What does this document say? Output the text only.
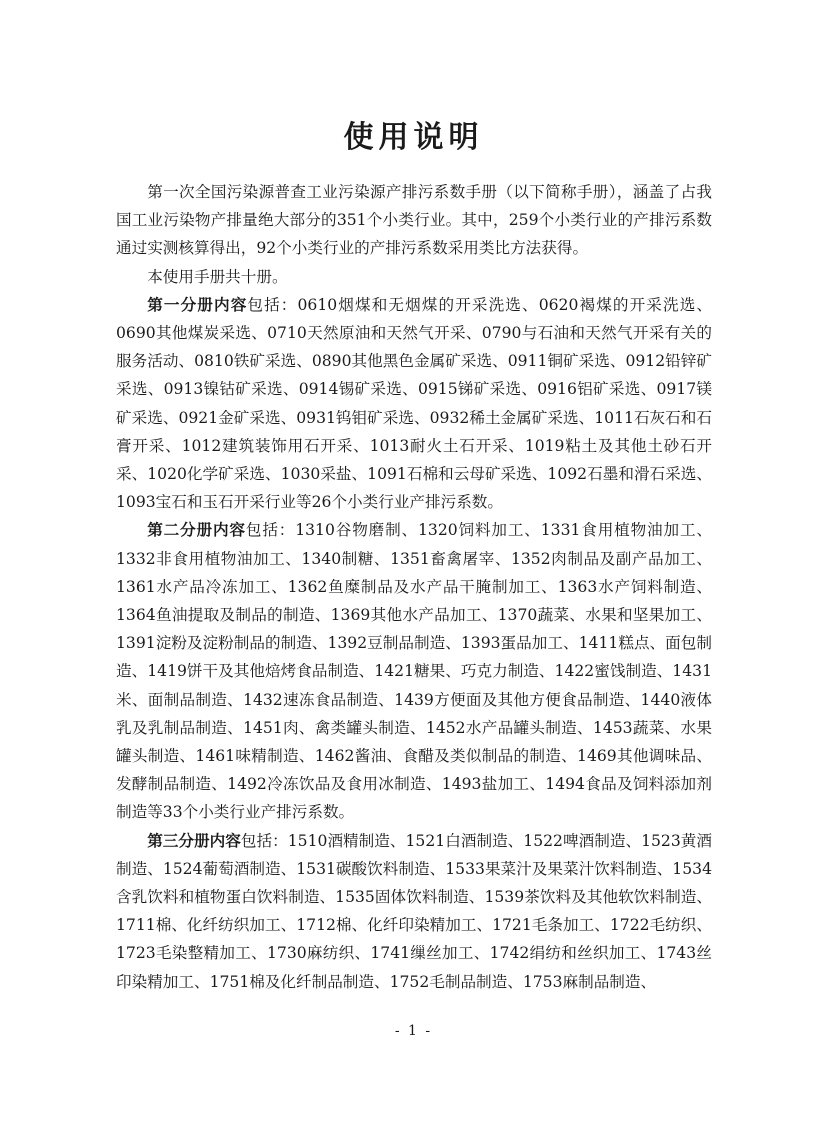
使用说明

第一次全国污染源普查工业污染源产排污系数手册（以下简称手册），涵盖了占我国工业污染物产排量绝大部分的351个小类行业。其中，259个小类行业的产排污系数通过实测核算得出，92个小类行业的产排污系数采用类比方法获得。

本使用手册共十册。

第一分册内容包括：0610烟煤和无烟煤的开采洗选、0620褐煤的开采洗选、0690其他煤炭采选、0710天然原油和天然气开采、0790与石油和天然气开采有关的服务活动、0810铁矿采选、0890其他黑色金属矿采选、0911铜矿采选、0912铅锌矿采选、0913镍钴矿采选、0914锡矿采选、0915锑矿采选、0916铝矿采选、0917镁矿采选、0921金矿采选、0931钨钼矿采选、0932稀土金属矿采选、1011石灰石和石膏开采、1012建筑装饰用石开采、1013耐火土石开采、1019粘土及其他土砂石开采、1020化学矿采选、1030采盐、1091石棉和云母矿采选、1092石墨和滑石采选、1093宝石和玉石开采行业等26个小类行业产排污系数。

第二分册内容包括：1310谷物磨制、1320饲料加工、1331食用植物油加工、1332非食用植物油加工、1340制糖、1351畜禽屠宰、1352肉制品及副产品加工、1361水产品冷冻加工、1362鱼糜制品及水产品干腌制加工、1363水产饲料制造、1364鱼油提取及制品的制造、1369其他水产品加工、1370蔬菜、水果和坚果加工、1391淀粉及淀粉制品的制造、1392豆制品制造、1393蛋品加工、1411糕点、面包制造、1419饼干及其他焙烤食品制造、1421糖果、巧克力制造、1422蜜饯制造、1431米、面制品制造、1432速冻食品制造、1439方便面及其他方便食品制造、1440液体乳及乳制品制造、1451肉、禽类罐头制造、1452水产品罐头制造、1453蔬菜、水果罐头制造、1461味精制造、1462酱油、食醋及类似制品的制造、1469其他调味品、发酵制品制造、1492冷冻饮品及食用冰制造、1493盐加工、1494食品及饲料添加剂制造等33个小类行业产排污系数。

第三分册内容包括：1510酒精制造、1521白酒制造、1522啤酒制造、1523黄酒制造、1524葡萄酒制造、1531碳酸饮料制造、1533果菜汁及果菜汁饮料制造、1534含乳饮料和植物蛋白饮料制造、1535固体饮料制造、1539茶饮料及其他软饮料制造、1711棉、化纤纺织加工、1712棉、化纤印染精加工、1721毛条加工、1722毛纺织、1723毛染整精加工、1730麻纺织、1741缫丝加工、1742绢纺和丝织加工、1743丝印染精加工、1751棉及化纤制品制造、1752毛制品制造、1753麻制品制造、

- 1 -
